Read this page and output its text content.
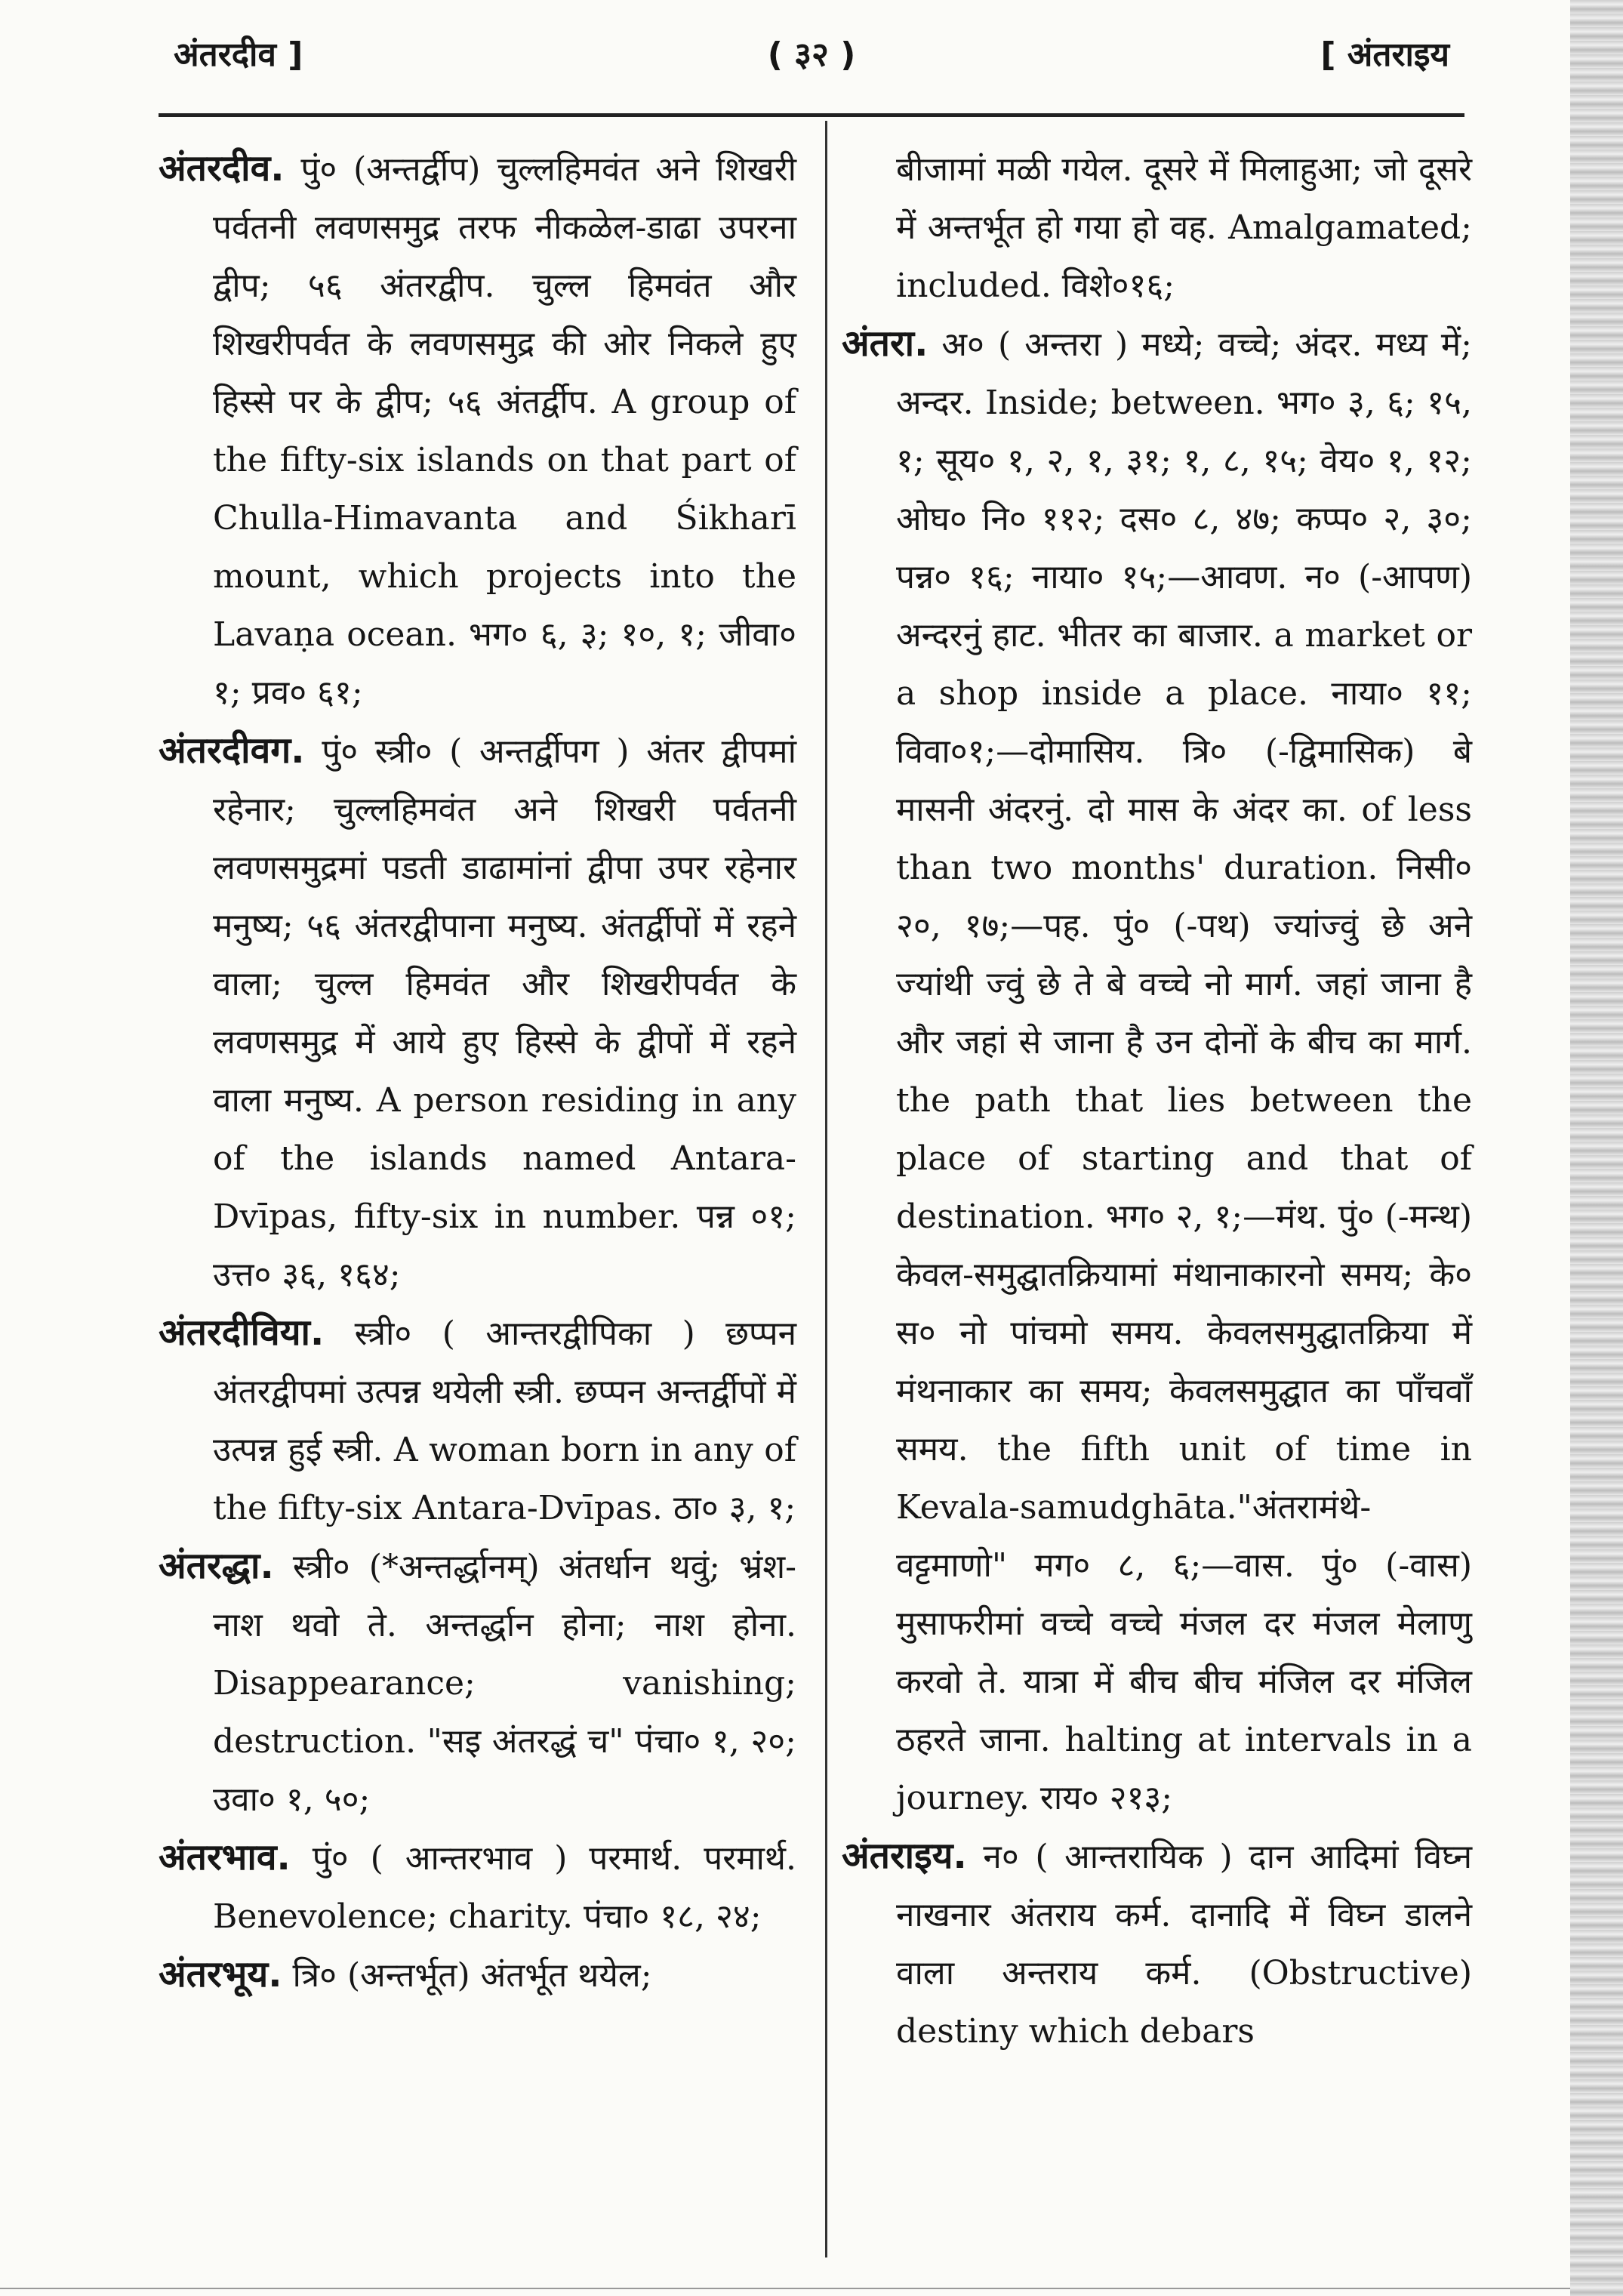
अंतरदीव ]	( ३२ )	[ अंतराइय

अंतरदीव. पुं० (अन्तर्द्वीप) चुल्लहिमवंत अने शिखरी पर्वतनी लवणसमुद्र तरफ नीकळेल-डाढा उपरना द्वीप; ५६ अंतरद्वीप. चुल्ल हिमवंत और शिखरीपर्वत के लवणसमुद्र की ओर निकले हुए हिस्से पर के द्वीप; ५६ अंतर्द्वीप. A group of the fifty-six islands on that part of Chulla-Himavanta and Śikharī mount, which projects into the Lavaṇa ocean. भग० ६, ३; १०, १; जीवा० १; प्रव० ६१;

अंतरदीवग. पुं० स्त्री० ( अन्तर्द्वीपग ) अंतर द्वीपमां रहेनार; चुल्लहिमवंत अने शिखरी पर्वतनी लवणसमुद्रमां पडती डाढामांनां द्वीपा उपर रहेनार मनुष्य; ५६ अंतरद्वीपाना मनुष्य. अंतर्द्वीपों में रहने वाला; चुल्ल हिमवंत और शिखरीपर्वत के लवणसमुद्र में आये हुए हिस्से के द्वीपों में रहने वाला मनुष्य. A person residing in any of the islands named Antara-Dvīpas, fifty-six in number. पन्न ०१; उत्त० ३६, १६४;

अंतरदीविया. स्त्री० ( आन्तरद्वीपिका ) छप्पन अंतरद्वीपमां उत्पन्न थयेली स्त्री. छप्पन अन्तर्द्वीपों में उत्पन्न हुई स्त्री. A woman born in any of the fifty-six Antara-Dvīpas. ठा० ३, १;

अंतरद्धा. स्त्री० (*अन्तर्द्धानम्) अंतर्धान थवुं; भ्रंश-नाश थवो ते. अन्तर्द्धान होना; नाश होना. Disappearance; vanishing; destruction. "सइ अंतरद्धं च" पंचा० १, २०; उवा० १, ५०;

अंतरभाव. पुं० ( आन्तरभाव ) परमार्थ. परमार्थ. Benevolence; charity. पंचा० १८, २४;

अंतरभूय. त्रि० (अन्तर्भूत) अंतर्भूत थयेल;

बीजामां मळी गयेल. दूसरे में मिलाहुआ; जो दूसरे में अन्तर्भूत हो गया हो वह. Amalgamated; included. विशे०१६;

अंतरा. अ० ( अन्तरा ) मध्ये; वच्चे; अंदर. मध्य में; अन्दर. Inside; between. भग० ३, ६; १५, १; सूय० १, २, १, ३१; १, ८, १५; वेय० १, १२; ओघ० नि० ११२; दस० ८, ४७; कप्प० २, ३०; पन्न० १६; नाया० १५;—आवण. न० (-आपण) अन्दरनुं हाट. भीतर का बाजार. a market or a shop inside a place. नाया० ११; विवा०१;—दोमासिय. त्रि० (-द्विमासिक) बे मासनी अंदरनुं. दो मास के अंदर का. of less than two months' duration. निसी० २०, १७;—पह. पुं० (-पथ) ज्यांज्वुं छे अने ज्यांथी ज्वुं छे ते बे वच्चे नो मार्ग. जहां जाना है और जहां से जाना है उन दोनों के बीच का मार्ग. the path that lies between the place of starting and that of destination. भग० २, १;—मंथ. पुं० (-मन्थ) केवल-समुद्घातक्रियामां मंथानाकारनो समय; के० स० नो पांचमो समय. केवलसमुद्घातक्रिया में मंथनाकार का समय; केवलसमुद्घात का पाँचवाँ समय. the fifth unit of time in Kevala-samudghāta."अंतरामंथे-वट्टमाणो" मग० ८, ६;—वास. पुं० (-वास) मुसाफरीमां वच्चे वच्चे मंजल दर मंजल मेलाणु करवो ते. यात्रा में बीच बीच मंजिल दर मंजिल ठहरते जाना. halting at intervals in a journey. राय० २१३;

अंतराइय. न० ( आन्तरायिक ) दान आदिमां विघ्न नाखनार अंतराय कर्म. दानादि में विघ्न डालने वाला अन्तराय कर्म. (Obstructive) destiny which debars
